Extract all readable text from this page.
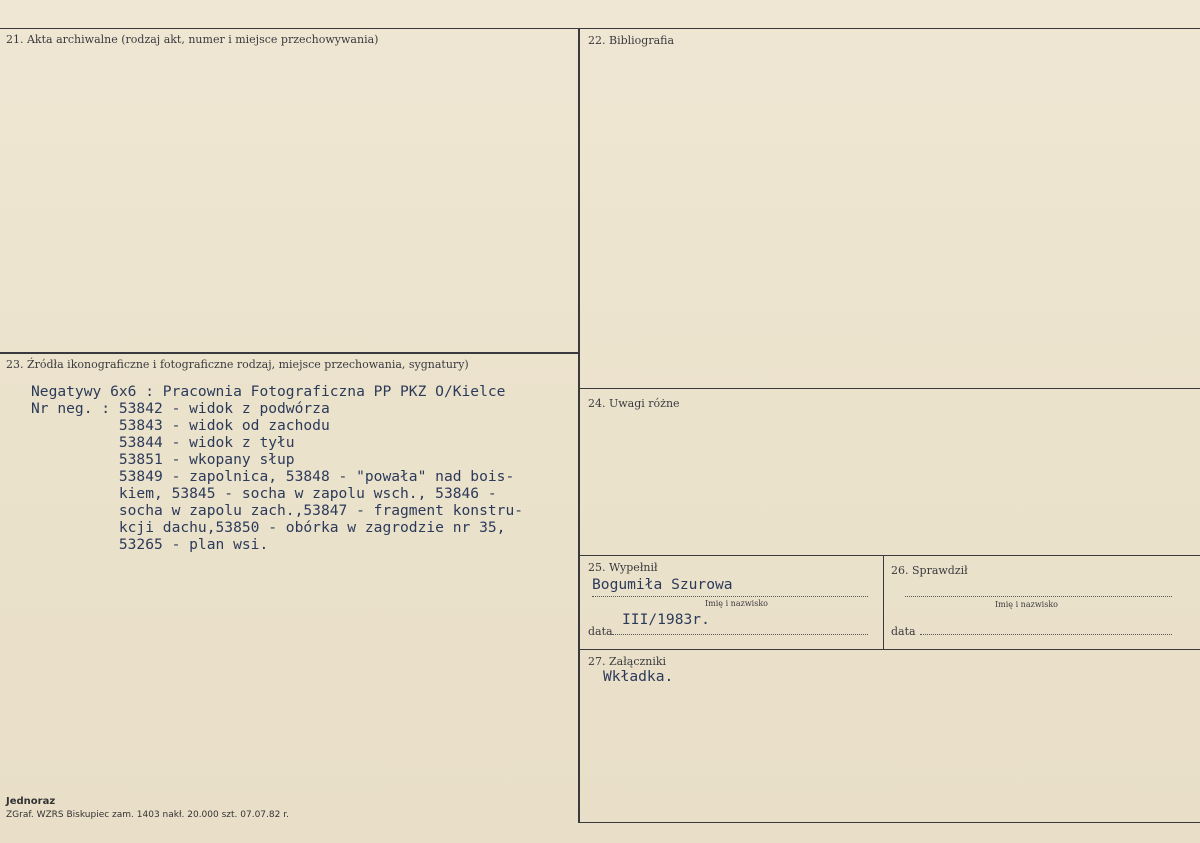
21. Akta archiwalne (rodzaj akt, numer i miejsce przechowywania)	22. Bibliografia
23. Źródła ikonograficzne i fotograficzne rodzaj, miejsce przechowania, sygnatury)
Negatywy 6x6 : Pracownia Fotograficzna PP PKZ O/Kielce
Nr neg. : 53842 - widok z podwórza
53843 - widok od zachodu
53844 - widok z tyłu
53851 - wkopany słup
53849 - zapolnica, 53848 - "powała" nad bois-
kiem, 53845 - socha w zapolu wsch., 53846 -
socha w zapolu zach.,53847 - fragment konstru-
kcji dachu,53850 - obórka w zagrodzie nr 35,
53265 - plan wsi.
24. Uwagi różne
25. Wypełnił
Bogumiła Szurowa
Imię i nazwisko
data
III/1983r.
26. Sprawdził
Imię i nazwisko
data
27. Załączniki
Wkładka.
Jednoraz
ZGraf. WZRS Biskupiec zam. 1403 nakł. 20.000 szt. 07.07.82 r.
